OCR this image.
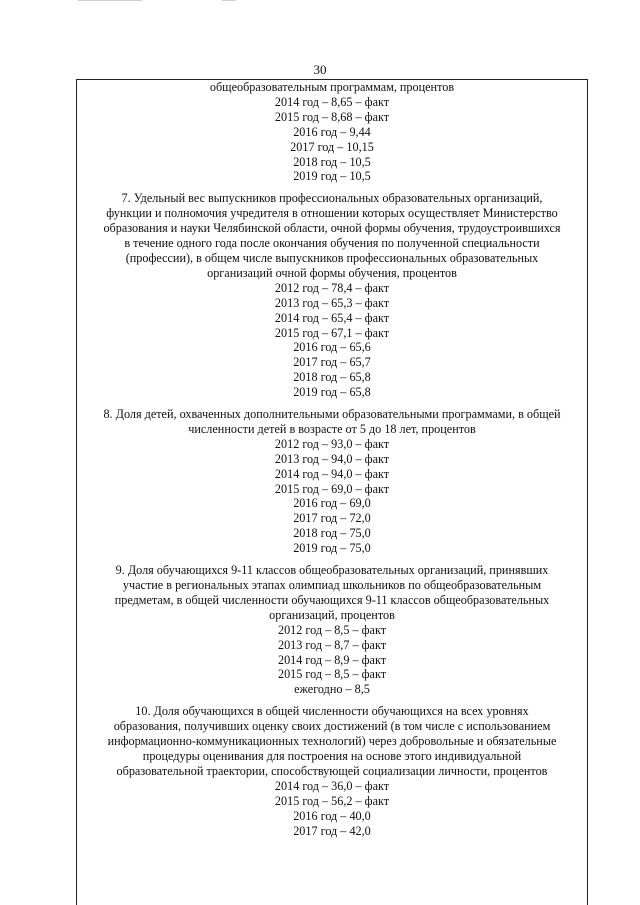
30
общеобразовательным программам, процентов
2014 год – 8,65 – факт
2015 год – 8,68 – факт
2016 год – 9,44
2017 год – 10,15
2018 год – 10,5
2019 год – 10,5
7. Удельный вес выпускников профессиональных образовательных организаций,
функции и полномочия учредителя в отношении которых осуществляет Министерство
образования и науки Челябинской области, очной формы обучения, трудоустроившихся
в течение одного года после окончания обучения по полученной специальности
(профессии), в общем числе выпускников профессиональных образовательных
организаций очной формы обучения, процентов
2012 год – 78,4 – факт
2013 год – 65,3 – факт
2014 год – 65,4 – факт
2015 год – 67,1 – факт
2016 год – 65,6
2017 год – 65,7
2018 год – 65,8
2019 год – 65,8
8. Доля детей, охваченных дополнительными образовательными программами, в общей
численности детей в возрасте от 5 до 18 лет, процентов
2012 год – 93,0 – факт
2013 год – 94,0 – факт
2014 год – 94,0 – факт
2015 год – 69,0 – факт
2016 год – 69,0
2017 год – 72,0
2018 год – 75,0
2019 год – 75,0
9. Доля обучающихся 9-11 классов общеобразовательных организаций, принявших
участие в региональных этапах олимпиад школьников по общеобразовательным
предметам, в общей численности обучающихся 9-11 классов общеобразовательных
организаций, процентов
2012 год – 8,5 – факт
2013 год – 8,7 – факт
2014 год – 8,9 – факт
2015 год – 8,5 – факт
ежегодно – 8,5
10. Доля обучающихся в общей численности обучающихся на всех уровнях
образования, получивших оценку своих достижений (в том числе с использованием
информационно-коммуникационных технологий) через добровольные и обязательные
процедуры оценивания для построения на основе этого индивидуальной
образовательной траектории, способствующей социализации личности, процентов
2014 год – 36,0 – факт
2015 год – 56,2 – факт
2016 год – 40,0
2017 год – 42,0
